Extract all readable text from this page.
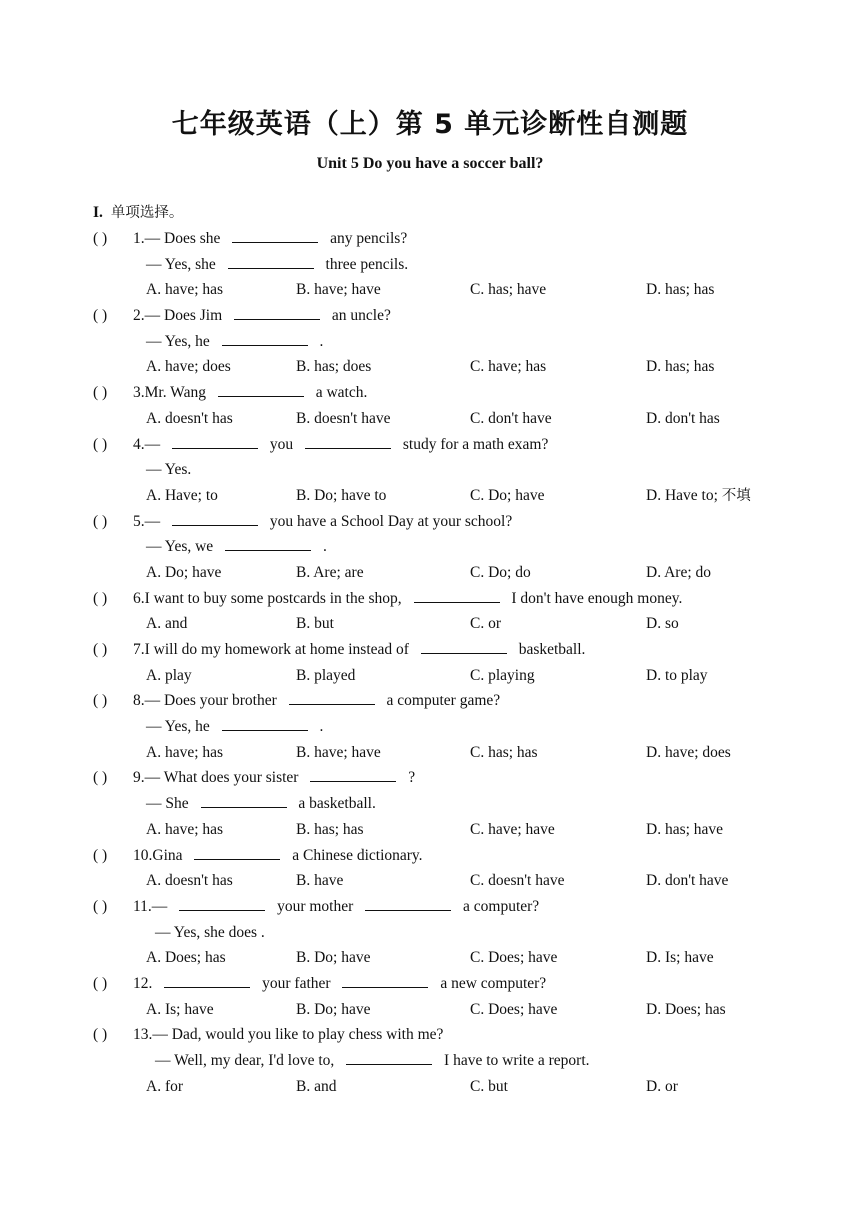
七年级英语（上）第 5 单元诊断性自测题
Unit 5 Do you have a soccer ball?
I. 单项选择。
( ) 1.— Does she	any pencils?
— Yes, she	three pencils.
A. have; has	B. have; have	C. has; have	D. has; has
( ) 2.— Does Jim	an uncle?
— Yes, he	.
A. have; does	B. has; does	C. have; has	D. has; has
( ) 3.Mr. Wang	a watch.
A. doesn't has	B. doesn't have	C. don't have	D. don't has
( ) 4.—	you	study for a math exam?
— Yes.
A. Have; to	B. Do; have to	C. Do; have	D. Have to; 不填
( ) 5.—	you have a School Day at your school?
— Yes, we	.
A. Do; have	B. Are; are	C. Do; do	D. Are; do
( ) 6.I want to buy some postcards in the shop,	I don't have enough money.
A. and	B. but	C. or	D. so
( ) 7.I will do my homework at home instead of	basketball.
A. play	B. played	C. playing	D. to play
( ) 8.— Does your brother	a computer game?
— Yes, he	.
A. have; has	B. have; have	C. has; has	D. have; does
( ) 9.— What does your sister	?
— She	a basketball.
A. have; has	B. has; has	C. have; have	D. has; have
( ) 10.Gina	a Chinese dictionary.
A. doesn't has	B. have	C. doesn't have	D. don't have
( ) 11.—	your mother	a computer?
— Yes, she does .
A. Does; has	B. Do; have	C. Does; have	D. Is; have
( ) 12.	your father	a new computer?
A. Is; have	B. Do; have	C. Does; have	D. Does; has
( ) 13.— Dad, would you like to play chess with me?
— Well, my dear, I'd love to,	I have to write a report.
A. for	B. and	C. but	D. or
